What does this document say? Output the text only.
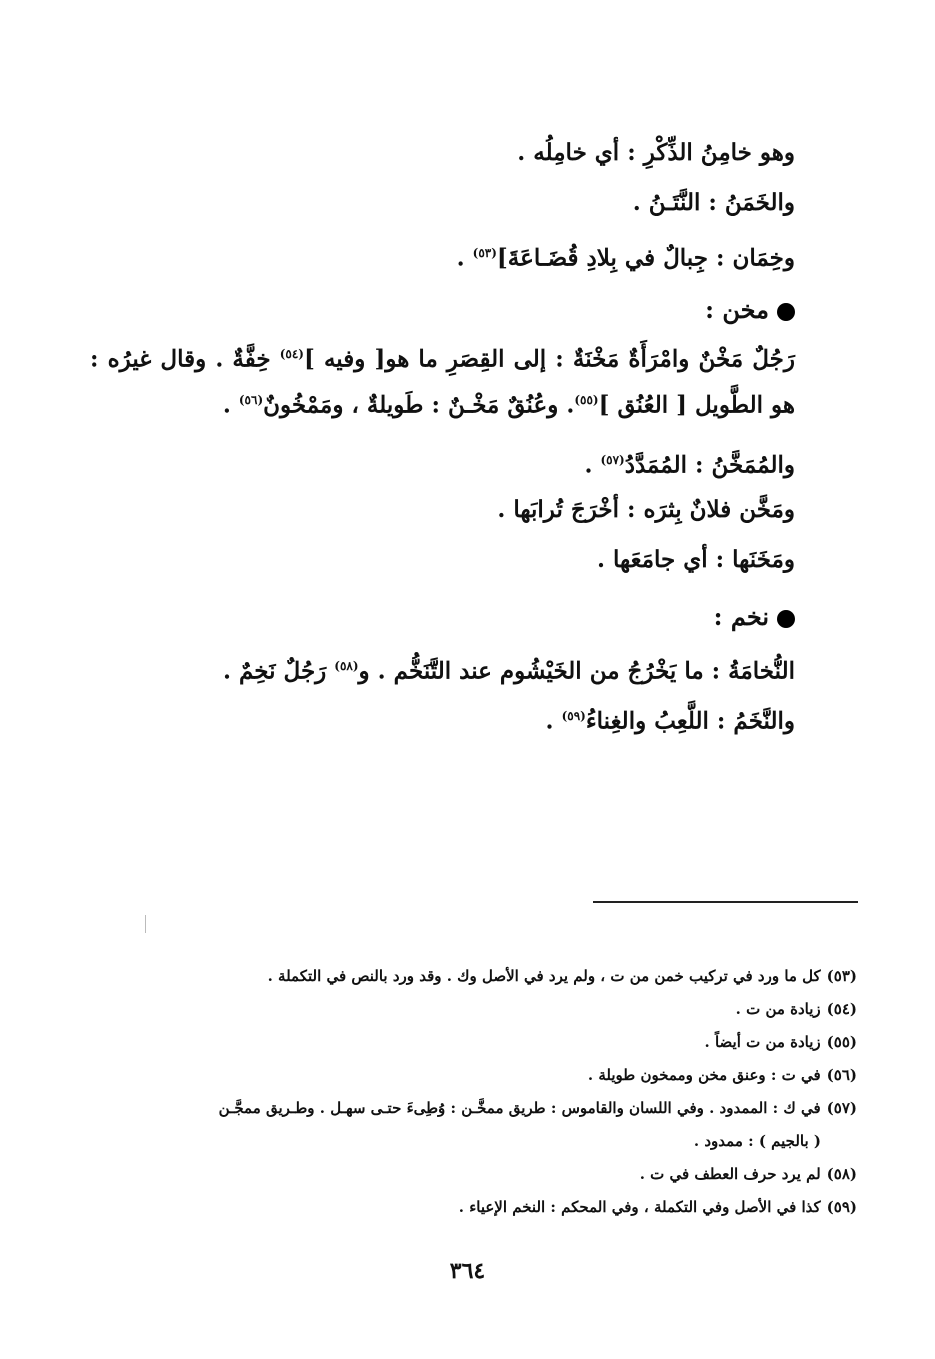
وهو خامِنُ الذِّكْرِ : أي خامِلُه .
والخَمَنُ : النَّتَـنُ .
وخِمَان : جِبالٌ في بِلادِ قُضَـاعَةَ]$^{(٥٣)}$ .
مخن :
رَجُلٌ مَخْنٌ وامْرَأَةٌ مَخْنَةٌ : إلى القِصَرِ ما هو[ وفيه ]$^{(٥٤)}$ خِفَّةٌ . وقال غيرُه : هو الطَّويل [ العُنُق ]$^{(٥٥)}$. وعُنُقٌ مَخْـنٌ : طَويلةٌ ، ومَمْخُونٌ$^{(٥٦)}$ .
والمُمَخَّنُ : المُمَدَّدُ$^{(٥٧)}$ .
ومَخَّن فلانٌ بِثرَه : أخْرَجَ تُرابَها .
ومَخَنَها : أي جامَعَها .
نخم :
النُّخامَةُ : ما يَخْرُجُ من الخَيْشُوم عند التَّنَخُّم . و$^{(٥٨)}$ رَجُلٌ نَخِمٌ .
والنَّخَمُ : اللَّعِبُ والغِناءُ$^{(٥٩)}$ .
(٥٣)كل ما ورد في تركيب خمن من ت ، ولم يرد في الأصل وك . وقد ورد بالنص في التكملة .
(٥٤)زيادة من ت .
(٥٥)زيادة من ت أيضاً .
(٥٦)في ت : وعنق مخن وممخون طويلة .
(٥٧)في ك : الممدود . وفي اللسان والقاموس : طريق ممخَّـن : وُطِىءَ حتـى سهـل . وطـريق ممجَّـن
( بالجيم ) : ممدود .
(٥٨)لم يرد حرف العطف في ت .
(٥٩)كذا في الأصل وفي التكملة ، وفي المحكم : النخم الإعياء .
٣٦٤
